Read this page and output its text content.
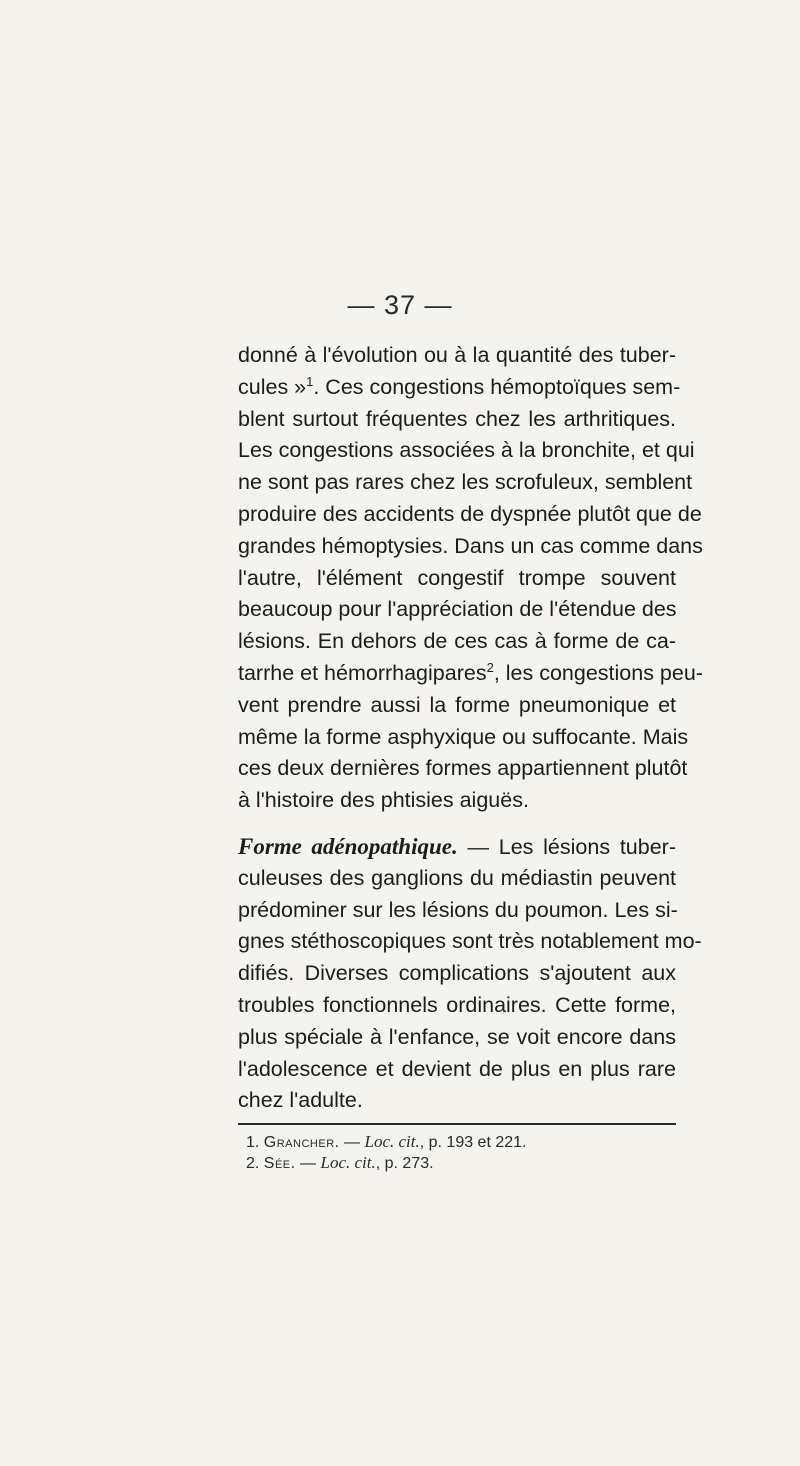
— 37 —
donné à l'évolution ou à la quantité des tuber-
cules »$^1$. Ces congestions hémoptoïques sem-
blent surtout fréquentes chez les arthritiques.
Les congestions associées à la bronchite, et qui
ne sont pas rares chez les scrofuleux, semblent
produire des accidents de dyspnée plutôt que de
grandes hémoptysies. Dans un cas comme dans
l'autre, l'élément congestif trompe souvent
beaucoup pour l'appréciation de l'étendue des
lésions. En dehors de ces cas à forme de ca-
tarrhe et hémorrhagipares$^2$, les congestions peu-
vent prendre aussi la forme pneumonique et
même la forme asphyxique ou suffocante. Mais
ces deux dernières formes appartiennent plutôt
à l'histoire des phtisies aiguës.
Forme adénopathique. — Les lésions tuber-
culeuses des ganglions du médiastin peuvent
prédominer sur les lésions du poumon. Les si-
gnes stéthoscopiques sont très notablement mo-
difiés. Diverses complications s'ajoutent aux
troubles fonctionnels ordinaires. Cette forme,
plus spéciale à l'enfance, se voit encore dans
l'adolescence et devient de plus en plus rare
chez l'adulte.
1. Grancher. — Loc. cit., p. 193 et 221.
2. Sée. — Loc. cit., p. 273.
